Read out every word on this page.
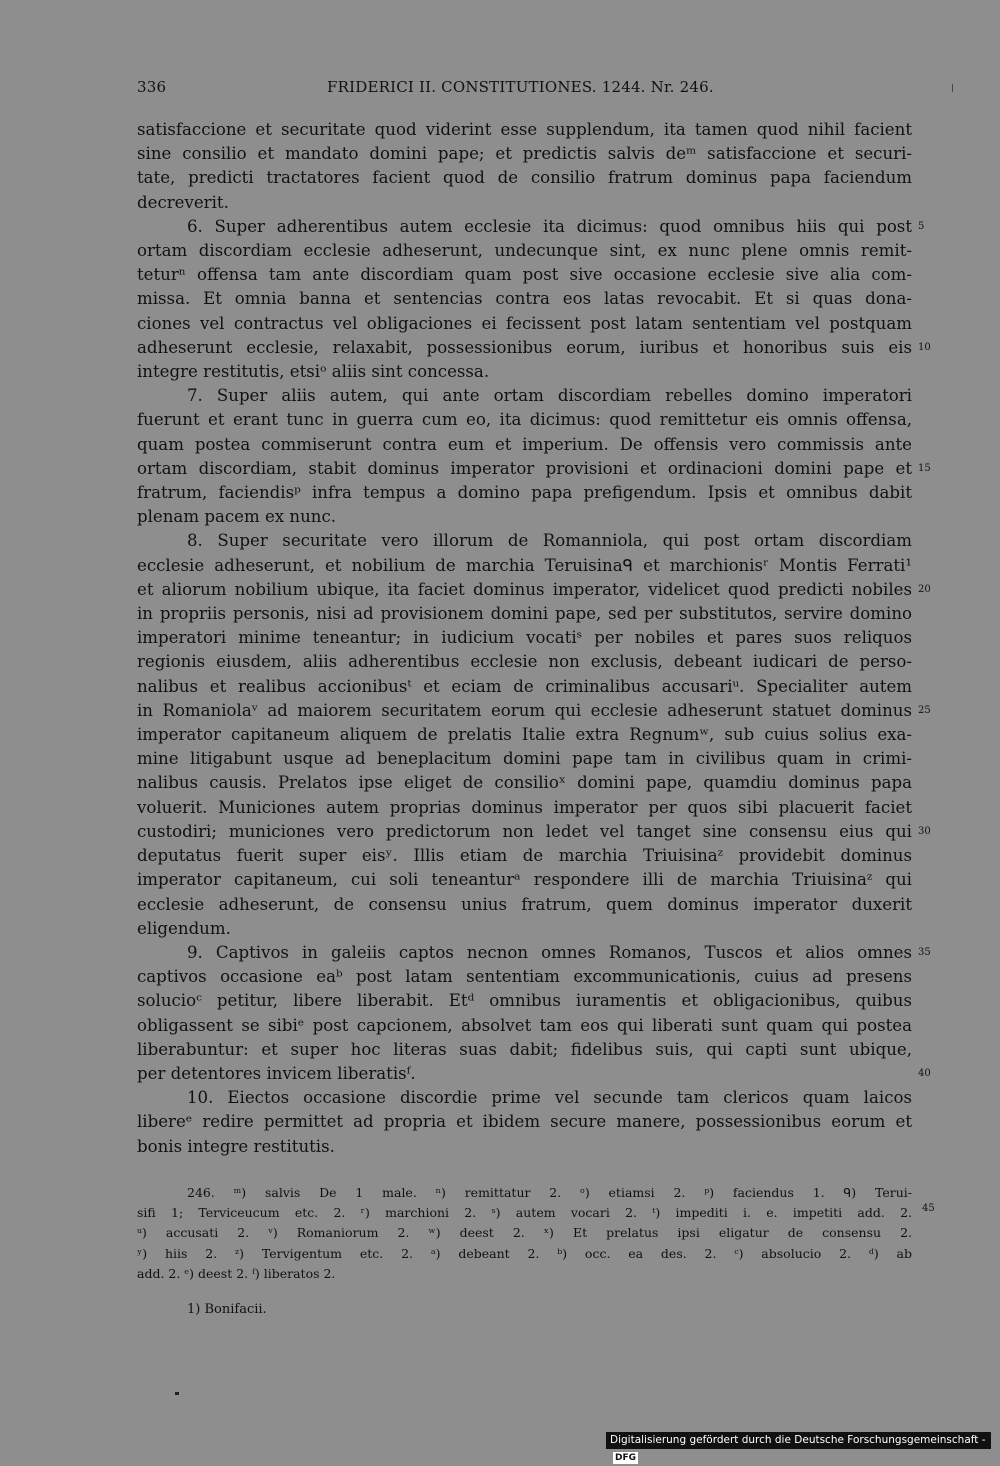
336	FRIDERICI II. CONSTITUTIONES. 1244. Nr. 246.
satisfaccione et securitate quod viderint esse supplendum, ita tamen quod nihil facient
sine consilio et mandato domini pape; et predictis salvis deᵐ satisfaccione et securi-
tate, predicti tractatores facient quod de consilio fratrum dominus papa faciendum
decreverit.
6. Super adherentibus autem ecclesie ita dicimus: quod omnibus hiis qui post
ortam discordiam ecclesie adheserunt, undecunque sint, ex nunc plene omnis remit-
teturⁿ offensa tam ante discordiam quam post sive occasione ecclesie sive alia com-
missa. Et omnia banna et sentencias contra eos latas revocabit. Et si quas dona-
ciones vel contractus vel obligaciones ei fecissent post latam sententiam vel postquam
adheserunt ecclesie, relaxabit, possessionibus eorum, iuribus et honoribus suis eis
integre restitutis, etsiᵒ aliis sint concessa.
7. Super aliis autem, qui ante ortam discordiam rebelles domino imperatori
fuerunt et erant tunc in guerra cum eo, ita dicimus: quod remittetur eis omnis offensa,
quam postea commiserunt contra eum et imperium. De offensis vero commissis ante
ortam discordiam, stabit dominus imperator provisioni et ordinacioni domini pape et
fratrum, faciendisᵖ infra tempus a domino papa prefigendum. Ipsis et omnibus dabit
plenam pacem ex nunc.
8. Super securitate vero illorum de Romanniola, qui post ortam discordiam
ecclesie adheserunt, et nobilium de marchia Teruisinaᑫ et marchionisʳ Montis Ferrati¹
et aliorum nobilium ubique, ita faciet dominus imperator, videlicet quod predicti nobiles
in propriis personis, nisi ad provisionem domini pape, sed per substitutos, servire domino
imperatori minime teneantur; in iudicium vocatiˢ per nobiles et pares suos reliquos
regionis eiusdem, aliis adherentibus ecclesie non exclusis, debeant iudicari de perso-
nalibus et realibus accionibusᵗ et eciam de criminalibus accusariᵘ. Specialiter autem
in Romaniolaᵛ ad maiorem securitatem eorum qui ecclesie adheserunt statuet dominus
imperator capitaneum aliquem de prelatis Italie extra Regnumʷ, sub cuius solius exa-
mine litigabunt usque ad beneplacitum domini pape tam in civilibus quam in crimi-
nalibus causis. Prelatos ipse eliget de consilioˣ domini pape, quamdiu dominus papa
voluerit. Municiones autem proprias dominus imperator per quos sibi placuerit faciet
custodiri; municiones vero predictorum non ledet vel tanget sine consensu eius qui
deputatus fuerit super eisʸ. Illis etiam de marchia Triuisinaᶻ providebit dominus
imperator capitaneum, cui soli teneanturᵃ respondere illi de marchia Triuisinaᶻ qui
ecclesie adheserunt, de consensu unius fratrum, quem dominus imperator duxerit
eligendum.
9. Captivos in galeiis captos necnon omnes Romanos, Tuscos et alios omnes
captivos occasione eaᵇ post latam sententiam excommunicationis, cuius ad presens
solucioᶜ petitur, libere liberabit. Etᵈ omnibus iuramentis et obligacionibus, quibus
obligassent se sibiᵉ post capcionem, absolvet tam eos qui liberati sunt quam qui postea
liberabuntur: et super hoc literas suas dabit; fidelibus suis, qui capti sunt ubique,
per detentores invicem liberatisᶠ.
10. Eiectos occasione discordie prime vel secunde tam clericos quam laicos
libereᵉ redire permittet ad propria et ibidem secure manere, possessionibus eorum et
bonis integre restitutis.
5
10
15
20
25
30
35
40
246. ᵐ) salvis De 1 male. ⁿ) remittatur 2. ᵒ) etiamsi 2. ᵖ) faciendus 1. ᑫ) Terui-
sifi 1; Terviceucum etc. 2. ʳ) marchioni 2. ˢ) autem vocari 2. ᵗ) impediti i. e. impetiti add. 2.
ᵘ) accusati 2. ᵛ) Romaniorum 2. ʷ) deest 2. ˣ) Et prelatus ipsi eligatur de consensu 2.
ʸ) hiis 2. ᶻ) Tervigentum etc. 2. ᵃ) debeant 2. ᵇ) occ. ea des. 2. ᶜ) absolucio 2. ᵈ) ab
add. 2. ᵉ) deest 2. ᶠ) liberatos 2.
45
1) Bonifacii.
Digitalisierung gefördert durch die Deutsche Forschungsgemeinschaft -DFG
